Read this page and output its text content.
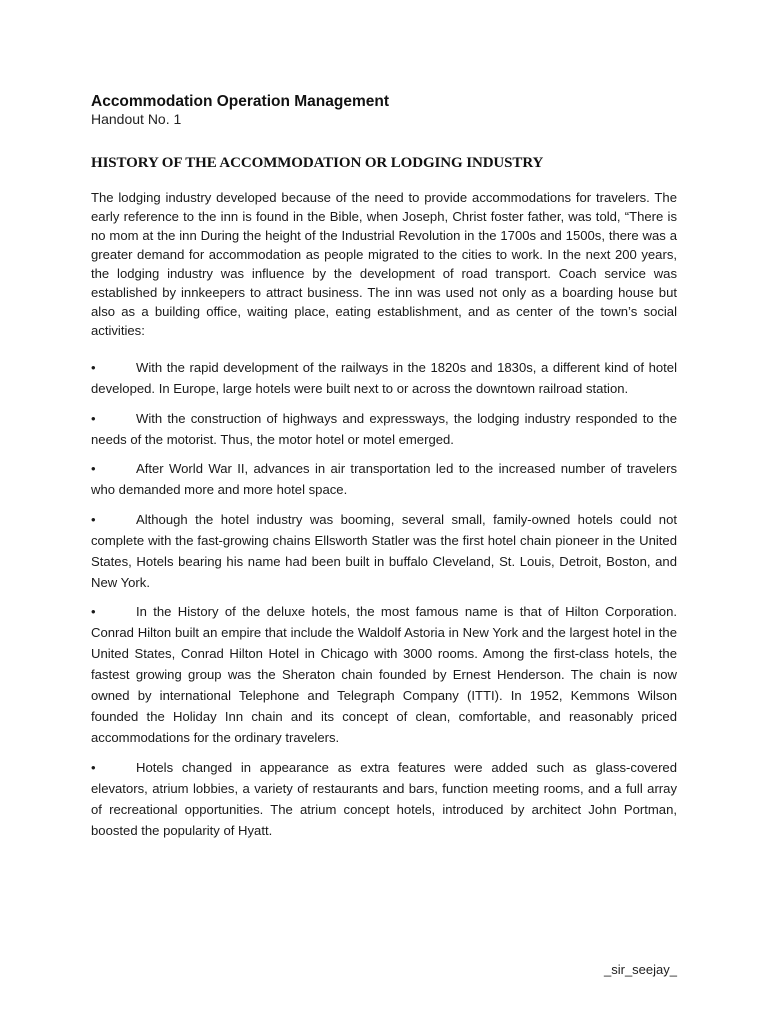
Accommodation Operation Management

Handout No. 1

HISTORY OF THE ACCOMMODATION OR LODGING INDUSTRY

The lodging industry developed because of the need to provide accommodations for travelers. The early reference to the inn is found in the Bible, when Joseph, Christ foster father, was told, “There is no mom at the inn During the height of the Industrial Revolution in the 1700s and 1500s, there was a greater demand for accommodation as people migrated to the cities to work. In the next 200 years, the lodging industry was influence by the development of road transport. Coach service was established by innkeepers to attract business. The inn was used not only as a boarding house but also as a building office, waiting place, eating establishment, and as center of the town’s social activities:

•	With the rapid development of the railways in the 1820s and 1830s, a different kind of hotel developed. In Europe, large hotels were built next to or across the downtown railroad station.
•	With the construction of highways and expressways, the lodging industry responded to the needs of the motorist. Thus, the motor hotel or motel emerged.
•	After World War II, advances in air transportation led to the increased number of travelers who demanded more and more hotel space.
•	Although the hotel industry was booming, several small, family-owned hotels could not complete with the fast-growing chains Ellsworth Statler was the first hotel chain pioneer in the United States, Hotels bearing his name had been built in buffalo Cleveland, St. Louis, Detroit, Boston, and New York.
•	In the History of the deluxe hotels, the most famous name is that of Hilton Corporation. Conrad Hilton built an empire that include the Waldolf Astoria in New York and the largest hotel in the United States, Conrad Hilton Hotel in Chicago with 3000 rooms. Among the first-class hotels, the fastest growing group was the Sheraton chain founded by Ernest Henderson. The chain is now owned by international Telephone and Telegraph Company (ITTI). In 1952, Kemmons Wilson founded the Holiday Inn chain and its concept of clean, comfortable, and reasonably priced accommodations for the ordinary travelers.
•	Hotels changed in appearance as extra features were added such as glass-covered elevators, atrium lobbies, a variety of restaurants and bars, function meeting rooms, and a full array of recreational opportunities. The atrium concept hotels, introduced by architect John Portman, boosted the popularity of Hyatt.
_sir_seejay_
